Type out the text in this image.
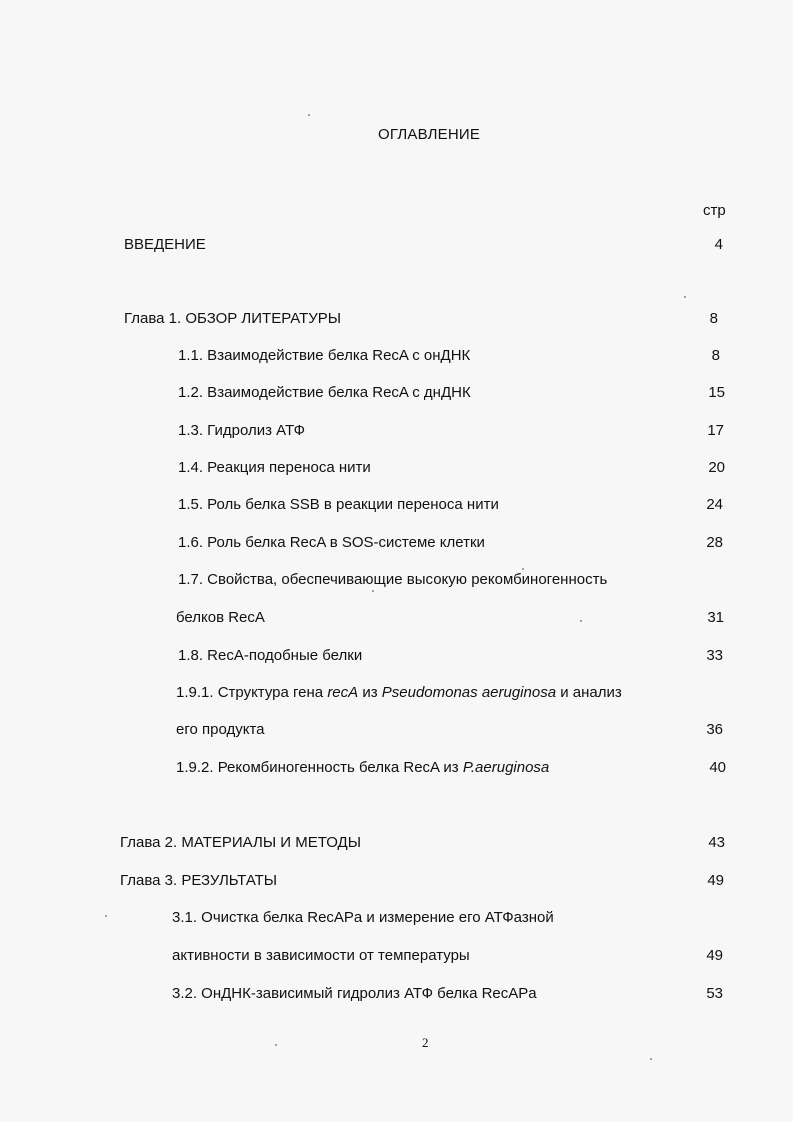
ОГЛАВЛЕНИЕ
стр
ВВЕДЕНИЕ	4
Глава 1. ОБЗОР ЛИТЕРАТУРЫ	8
1.1. Взаимодействие белка RecA с онДНК	8
1.2. Взаимодействие белка RecA с днДНК	15
1.3. Гидролиз АТФ	17
1.4. Реакция переноса нити	20
1.5. Роль белка SSB в реакции переноса нити	24
1.6. Роль белка RecA в SOS-системе клетки	28
1.7. Свойства, обеспечивающие высокую рекомбиногенность
белков RecA	31
1.8. RecA-подобные белки	33
1.9.1. Структура гена recA из Pseudomonas aeruginosa и анализ
его продукта	36
1.9.2. Рекомбиногенность белка RecA из P.aeruginosa	40
Глава 2. МАТЕРИАЛЫ И МЕТОДЫ	43
Глава 3. РЕЗУЛЬТАТЫ	49
3.1. Очистка белка RecAPa и измерение его АТФазной
активности в зависимости от температуры	49
3.2. ОнДНК-зависимый гидролиз АТФ белка RecAPa	53
2
